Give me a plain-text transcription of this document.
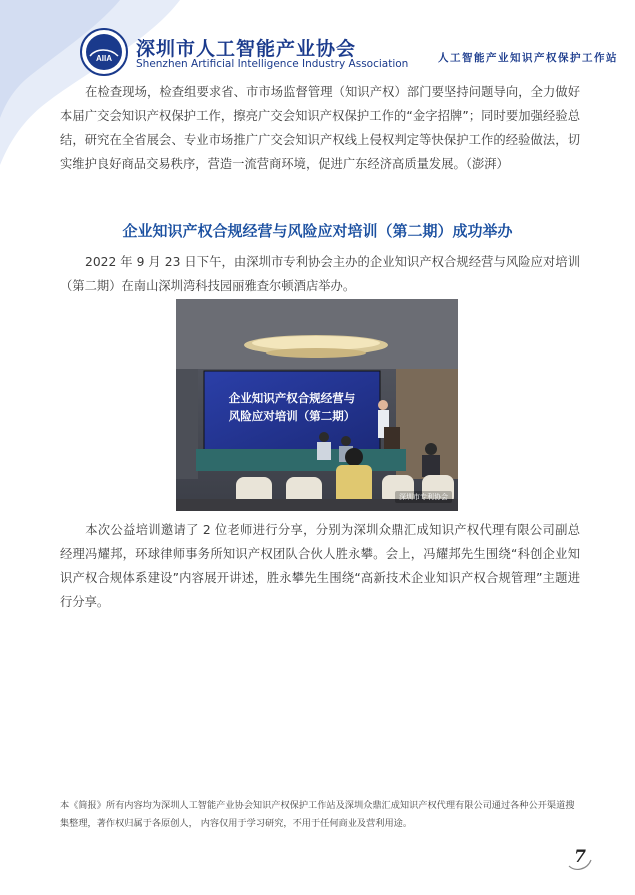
AIIA 深圳市人工智能产业协会
Shenzhen Artificial Intelligence Industry Association	人工智能产业知识产权保护工作站
在检查现场，检查组要求省、市市场监督管理（知识产权）部门要坚持问题导向，全力做好本届广交会知识产权保护工作，擦亮广交会知识产权保护工作的“金字招牌”；同时要加强经验总结，研究在全省展会、专业市场推广广交会知识产权线上侵权判定等快保护工作的经验做法，切实维护良好商品交易秩序，营造一流营商环境，促进广东经济高质量发展。（澎湃）
企业知识产权合规经营与风险应对培训（第二期）成功举办
2022 年 9 月 23 日下午，由深圳市专利协会主办的企业知识产权合规经营与风险应对培训（第二期）在南山深圳湾科技园丽雅查尔顿酒店举办。
企业知识产权合规经营与
风险应对培训（第二期）
深圳市专利协会
本次公益培训邀请了 2 位老师进行分享，分别为深圳众鼎汇成知识产权代理有限公司副总经理冯耀邦，环球律师事务所知识产权团队合伙人胜永攀。会上，冯耀邦先生围绕“科创企业知识产权合规体系建设”内容展开讲述，胜永攀先生围绕“高新技术企业知识产权合规管理”主题进行分享。
本《简报》所有内容均为深圳人工智能产业协会知识产权保护工作站及深圳众鼎汇成知识产权代理有限公司通过各种公开渠道搜集整理，著作权归属于各原创人， 内容仅用于学习研究，不用于任何商业及营利用途。
7
